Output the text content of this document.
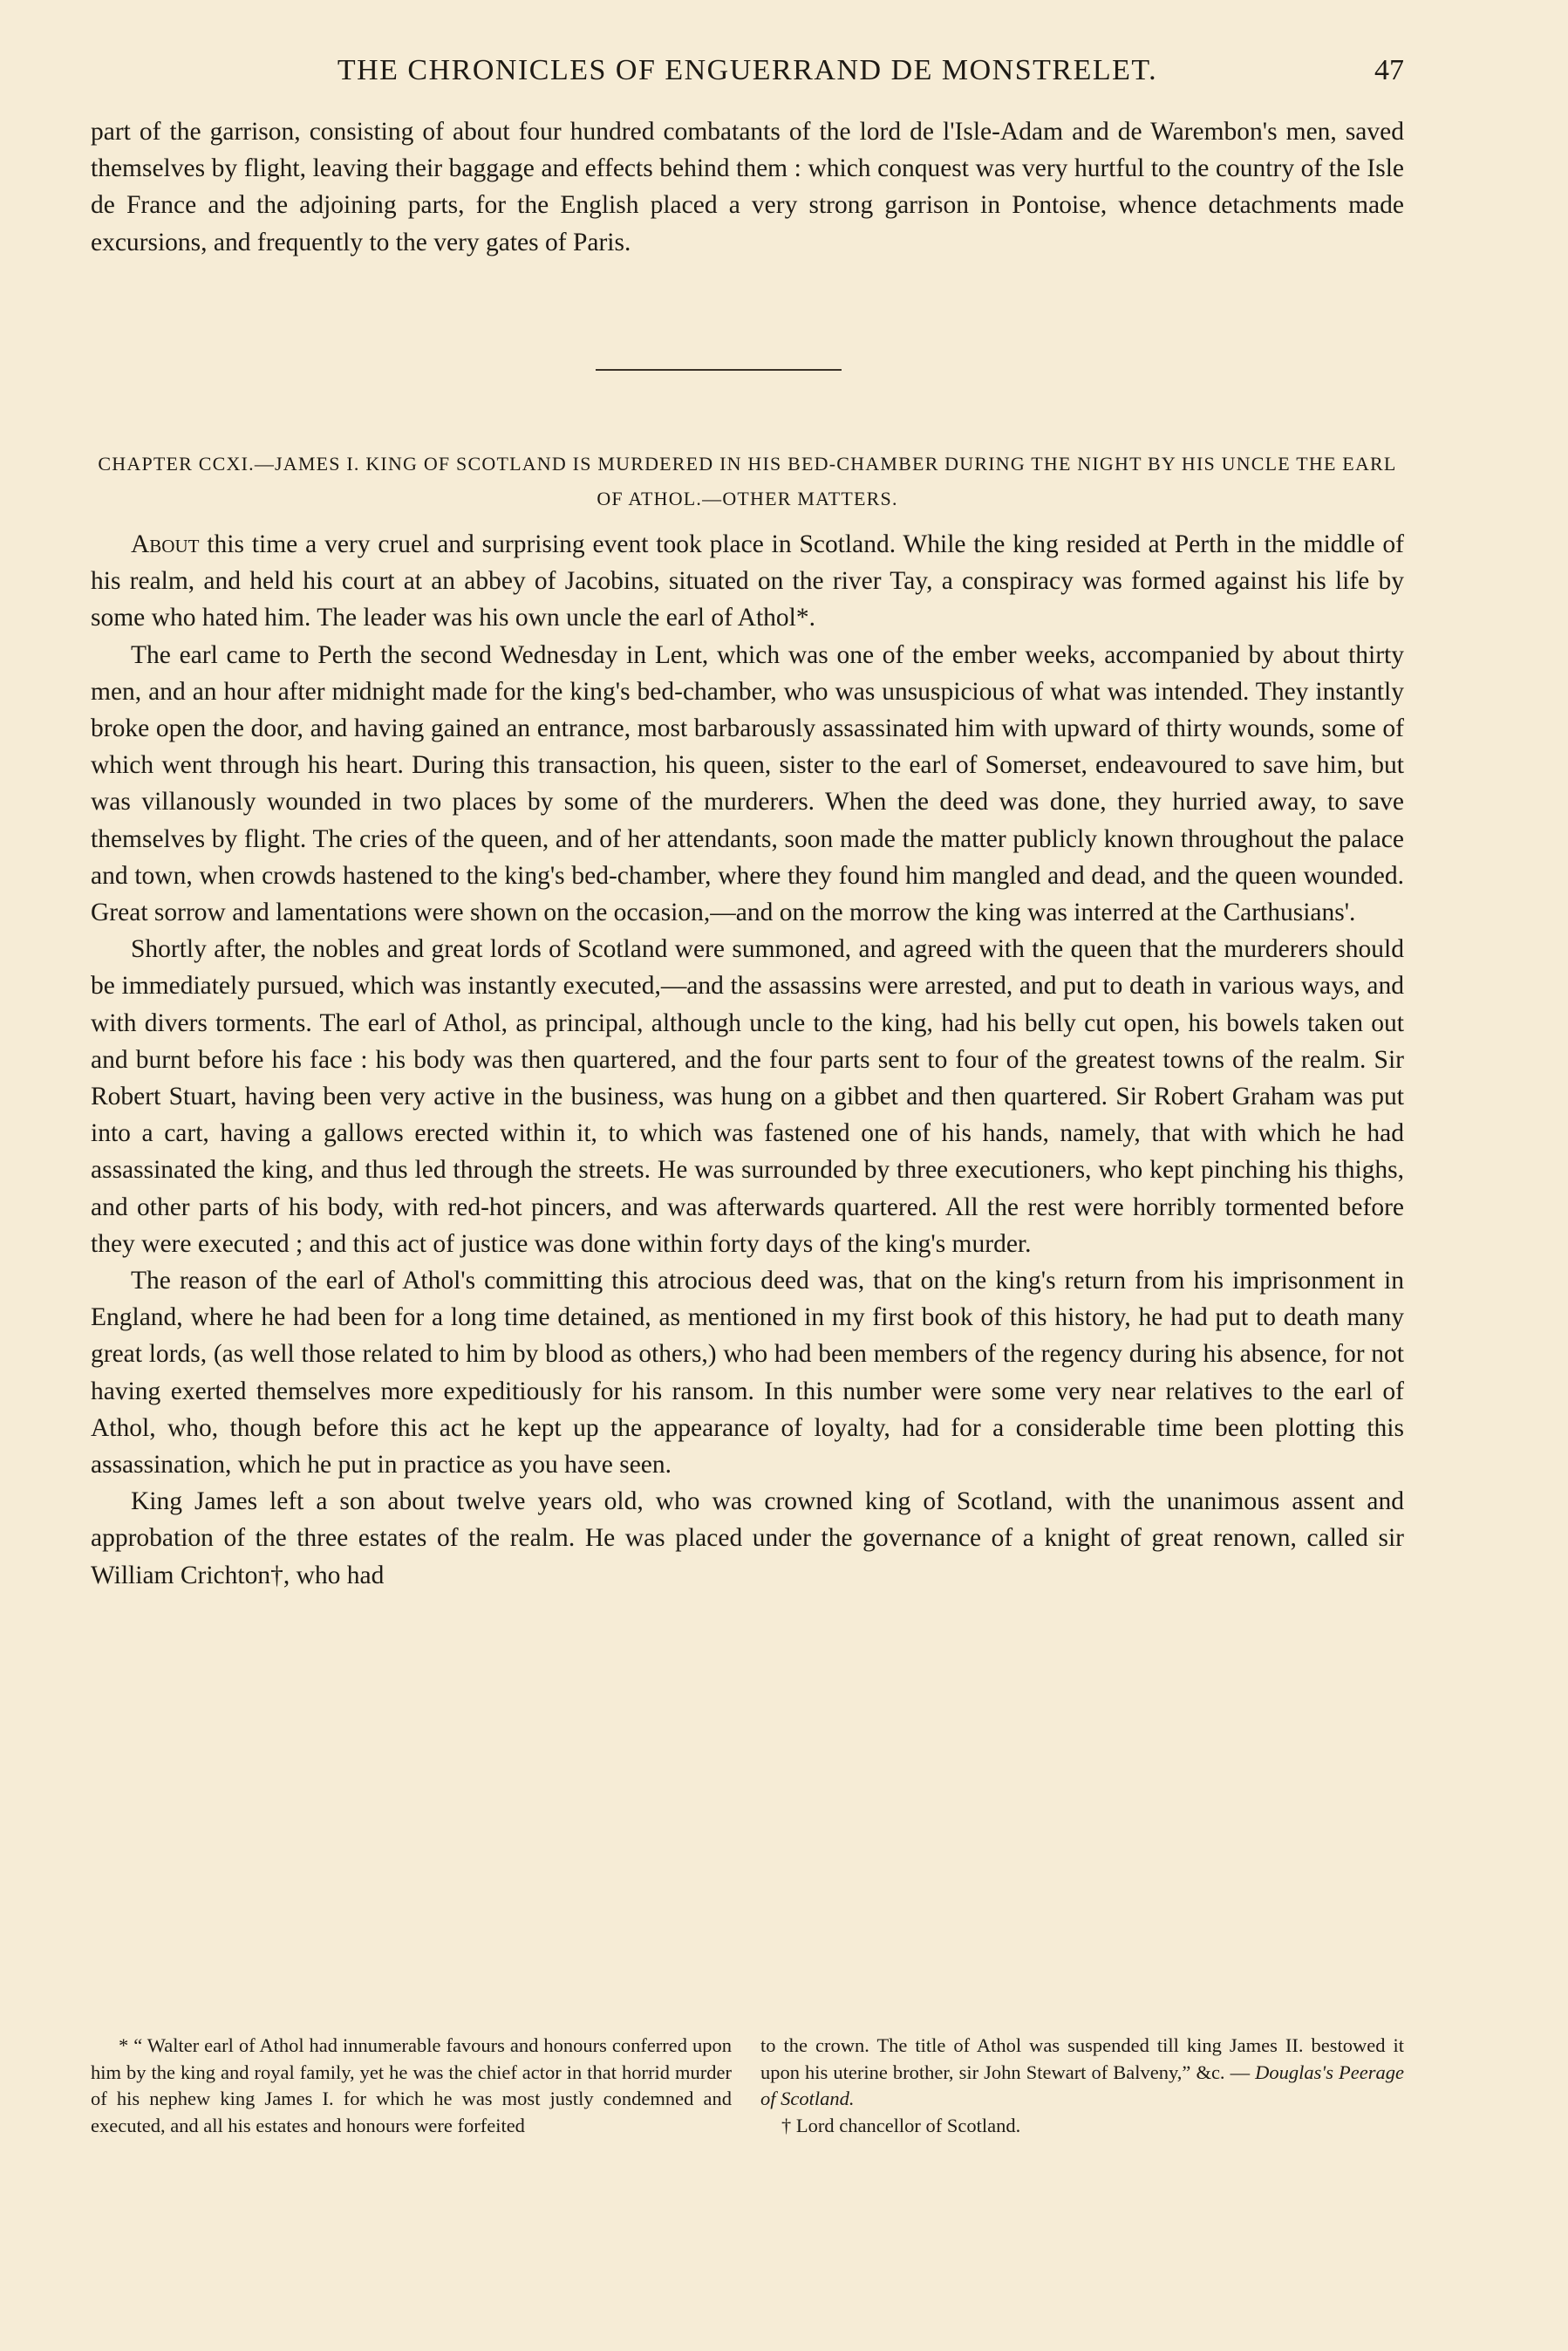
THE CHRONICLES OF ENGUERRAND DE MONSTRELET.	47

part of the garrison, consisting of about four hundred combatants of the lord de l'Isle-Adam and de Warembon's men, saved themselves by flight, leaving their baggage and effects behind them : which conquest was very hurtful to the country of the Isle de France and the adjoining parts, for the English placed a very strong garrison in Pontoise, whence detachments made excursions, and frequently to the very gates of Paris.

CHAPTER CCXI.—JAMES I. KING OF SCOTLAND IS MURDERED IN HIS BED-CHAMBER DURING THE NIGHT BY HIS UNCLE THE EARL OF ATHOL.—OTHER MATTERS.

About this time a very cruel and surprising event took place in Scotland. While the king resided at Perth in the middle of his realm, and held his court at an abbey of Jacobins, situated on the river Tay, a conspiracy was formed against his life by some who hated him. The leader was his own uncle the earl of Athol*.

The earl came to Perth the second Wednesday in Lent, which was one of the ember weeks, accompanied by about thirty men, and an hour after midnight made for the king's bed-chamber, who was unsuspicious of what was intended. They instantly broke open the door, and having gained an entrance, most barbarously assassinated him with upward of thirty wounds, some of which went through his heart. During this transaction, his queen, sister to the earl of Somerset, endeavoured to save him, but was villanously wounded in two places by some of the murderers. When the deed was done, they hurried away, to save themselves by flight. The cries of the queen, and of her attendants, soon made the matter publicly known throughout the palace and town, when crowds hastened to the king's bed-chamber, where they found him mangled and dead, and the queen wounded. Great sorrow and lamentations were shown on the occasion,—and on the morrow the king was interred at the Carthusians'.

Shortly after, the nobles and great lords of Scotland were summoned, and agreed with the queen that the murderers should be immediately pursued, which was instantly executed,—and the assassins were arrested, and put to death in various ways, and with divers torments. The earl of Athol, as principal, although uncle to the king, had his belly cut open, his bowels taken out and burnt before his face : his body was then quartered, and the four parts sent to four of the greatest towns of the realm. Sir Robert Stuart, having been very active in the business, was hung on a gibbet and then quartered. Sir Robert Graham was put into a cart, having a gallows erected within it, to which was fastened one of his hands, namely, that with which he had assassinated the king, and thus led through the streets. He was surrounded by three executioners, who kept pinching his thighs, and other parts of his body, with red-hot pincers, and was afterwards quartered. All the rest were horribly tormented before they were executed ; and this act of justice was done within forty days of the king's murder.

The reason of the earl of Athol's committing this atrocious deed was, that on the king's return from his imprisonment in England, where he had been for a long time detained, as mentioned in my first book of this history, he had put to death many great lords, (as well those related to him by blood as others,) who had been members of the regency during his absence, for not having exerted themselves more expeditiously for his ransom. In this number were some very near relatives to the earl of Athol, who, though before this act he kept up the appearance of loyalty, had for a considerable time been plotting this assassination, which he put in practice as you have seen.

King James left a son about twelve years old, who was crowned king of Scotland, with the unanimous assent and approbation of the three estates of the realm. He was placed under the governance of a knight of great renown, called sir William Crichton†, who had

* “ Walter earl of Athol had innumerable favours and honours conferred upon him by the king and royal family, yet he was the chief actor in that horrid murder of his nephew king James I. for which he was most justly condemned and executed, and all his estates and honours were forfeited

to the crown. The title of Athol was suspended till king James II. bestowed it upon his uterine brother, sir John Stewart of Balveny,” &c. — Douglas's Peerage of Scotland.

† Lord chancellor of Scotland.
